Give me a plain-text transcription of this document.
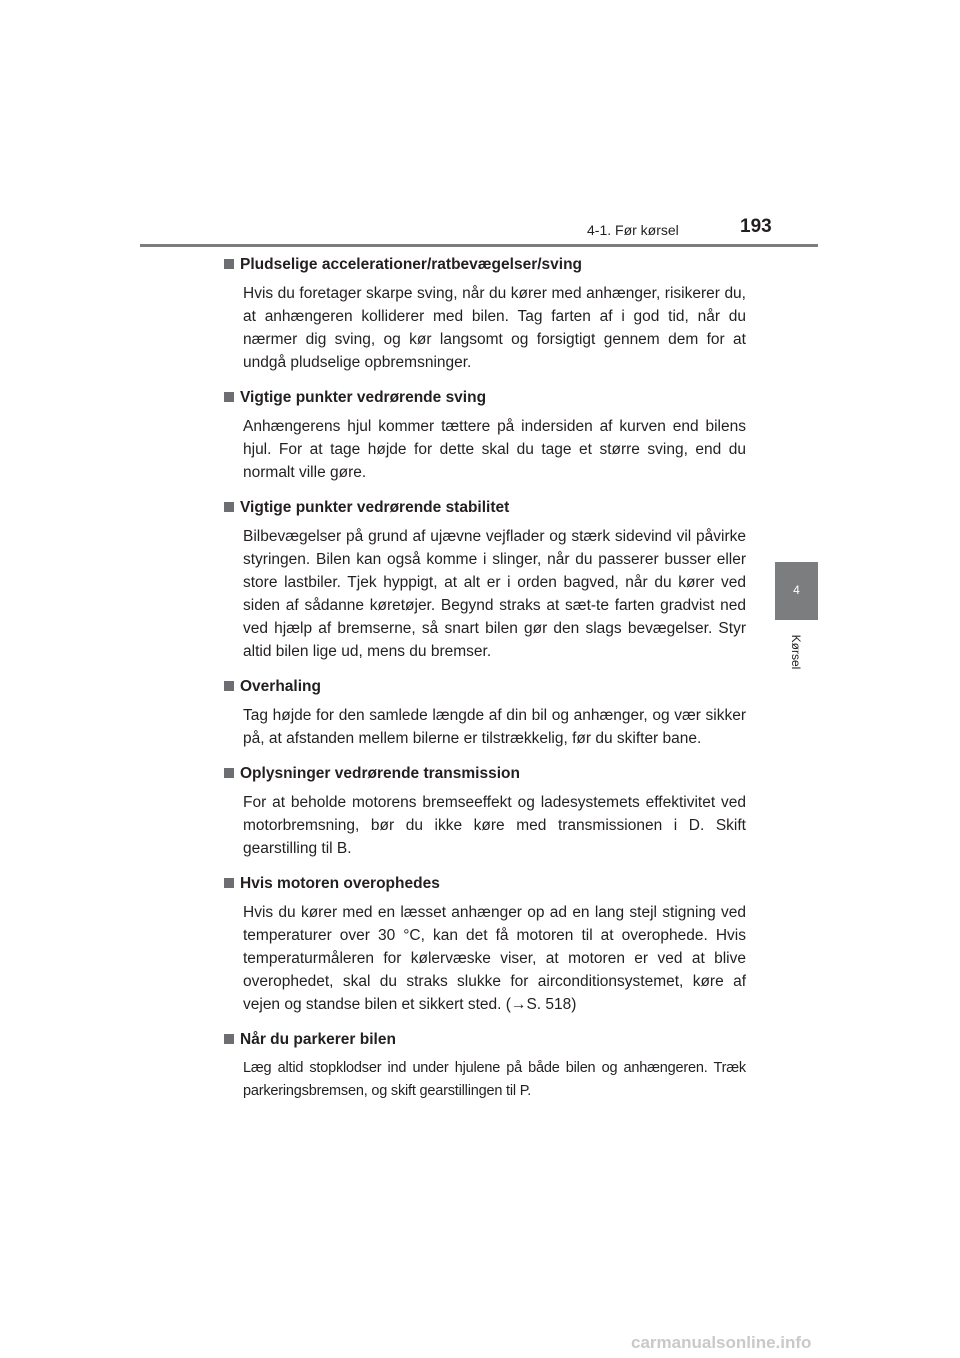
4-1. Før kørsel	193
4
Kørsel
Pludselige accelerationer/ratbevægelser/sving
Hvis du foretager skarpe sving, når du kører med anhænger, risikerer du, at anhængeren kolliderer med bilen. Tag farten af i god tid, når du nærmer dig sving, og kør langsomt og forsigtigt gennem dem for at undgå pludselige opbremsninger.
Vigtige punkter vedrørende sving
Anhængerens hjul kommer tættere på indersiden af kurven end bilens hjul. For at tage højde for dette skal du tage et større sving, end du normalt ville gøre.
Vigtige punkter vedrørende stabilitet
Bilbevægelser på grund af ujævne vejflader og stærk sidevind vil påvirke styringen. Bilen kan også komme i slinger, når du passerer busser eller store lastbiler. Tjek hyppigt, at alt er i orden bagved, når du kører ved siden af sådanne køretøjer. Begynd straks at sæt-te farten gradvist ned ved hjælp af bremserne, så snart bilen gør den slags bevægelser. Styr altid bilen lige ud, mens du bremser.
Overhaling
Tag højde for den samlede længde af din bil og anhænger, og vær sikker på, at afstanden mellem bilerne er tilstrækkelig, før du skifter bane.
Oplysninger vedrørende transmission
For at beholde motorens bremseeffekt og ladesystemets effektivitet ved motorbremsning, bør du ikke køre med transmissionen i D. Skift gearstilling til B.
Hvis motoren overophedes
Hvis du kører med en læsset anhænger op ad en lang stejl stigning ved temperaturer over 30 °C, kan det få motoren til at overophede. Hvis temperaturmåleren for kølervæske viser, at motoren er ved at blive overophedet, skal du straks slukke for airconditionsystemet, køre af vejen og standse bilen et sikkert sted. (→S. 518)
Når du parkerer bilen
Læg altid stopklodser ind under hjulene på både bilen og anhængeren. Træk parkeringsbremsen, og skift gearstillingen til P.
carmanualsonline.info
